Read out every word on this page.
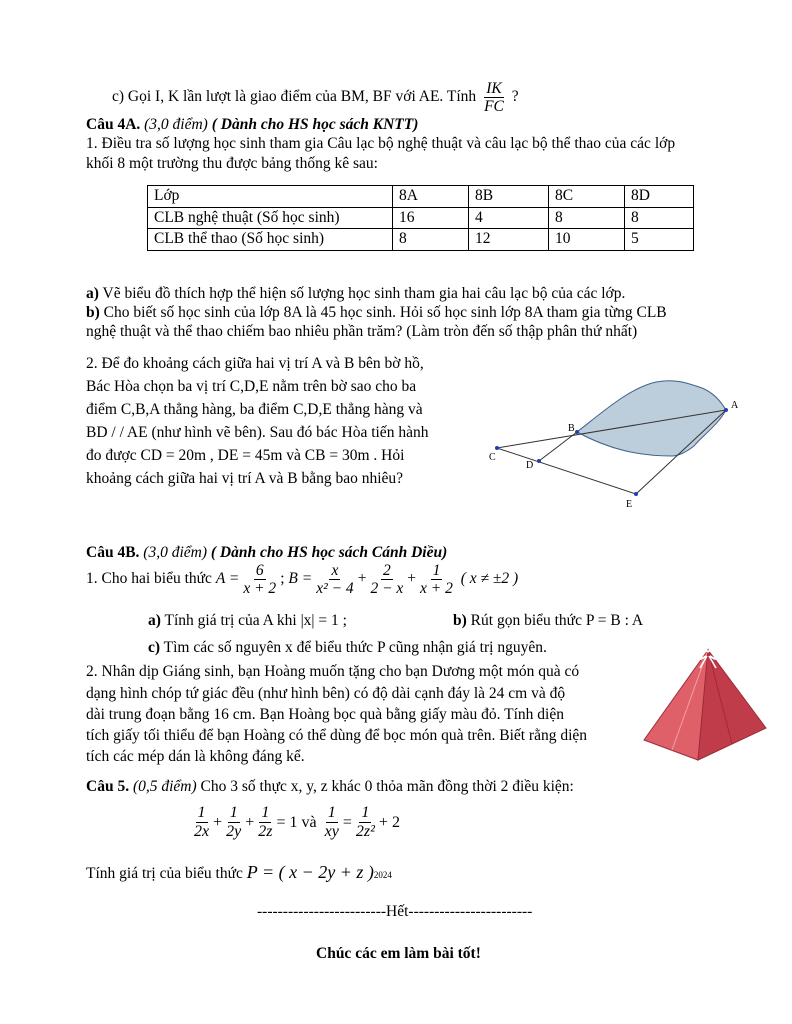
c) Gọi I, K lần lượt là giao điểm của BM, BF với AE. Tính $\frac{IK}{FC}$ ?
Câu 4A. (3,0 điểm) ( Dành cho HS học sách KNTT)
1. Điều tra số lượng học sinh tham gia Câu lạc bộ nghệ thuật và câu lạc bộ thể thao của các lớp
khối 8 một trường thu được bảng thống kê sau:
Lớp	8A	8B	8C	8D
CLB nghệ thuật (Số học sinh)	16	4	8	8
CLB thể thao (Số học sinh)	8	12	10	5
a) Vẽ biểu đồ thích hợp thể hiện số lượng học sinh tham gia hai câu lạc bộ của các lớp.
b) Cho biết số học sinh của lớp 8A là 45 học sinh. Hỏi số học sinh lớp 8A tham gia từng CLB
nghệ thuật và thể thao chiếm bao nhiêu phần trăm? (Làm tròn đến số thập phân thứ nhất)
2. Để đo khoảng cách giữa hai vị trí A và B bên bờ hồ,
Bác Hòa chọn ba vị trí C,D,E nằm trên bờ sao cho ba
điểm C,B,A thẳng hàng, ba điểm C,D,E thẳng hàng và
BD / / AE (như hình vẽ bên). Sau đó bác Hòa tiến hành
đo được CD = 20m , DE = 45m và CB = 30m . Hỏi
khoảng cách giữa hai vị trí A và B bằng bao nhiêu?
A
B
C
D
E
Câu 4B. (3,0 điểm) ( Dành cho HS học sách Cánh Diều)
1. Cho hai biểu thức
$A = \frac{6}{x + 2}$ ;
$B = \frac{x}{\text{x² − 4}} + \frac{2}{2 - x} + \frac{1}{x + 2}$
( x ≠ ±2 )
a) Tính giá trị của A khi |x| = 1 ;	b) Rút gọn biểu thức P = B : A
c) Tìm các số nguyên x để biểu thức P cũng nhận giá trị nguyên.
2. Nhân dịp Giáng sinh, bạn Hoàng muốn tặng cho bạn Dương một món quà có
dạng hình chóp tứ giác đều (như hình bên) có độ dài cạnh đáy là 24 cm và độ
dài trung đoạn bằng 16 cm. Bạn Hoàng bọc quà bằng giấy màu đỏ. Tính diện
tích giấy tối thiểu để bạn Hoàng có thể dùng để bọc món quà trên. Biết rằng diện
tích các mép dán là không đáng kể.
Câu 5. (0,5 điểm) Cho 3 số thực x, y, z khác 0 thỏa mãn đồng thời 2 điều kiện:
$\frac{1}{2x} + \frac{1}{2y} + \frac{1}{2z} = 1$
và
$\frac{1}{xy} = \frac{1}{\text{2z²}} + 2$
Tính giá trị của biểu thức
P = ( x − 2y + z ) 2024
-------------------------Hết------------------------
Chúc các em làm bài tốt!
